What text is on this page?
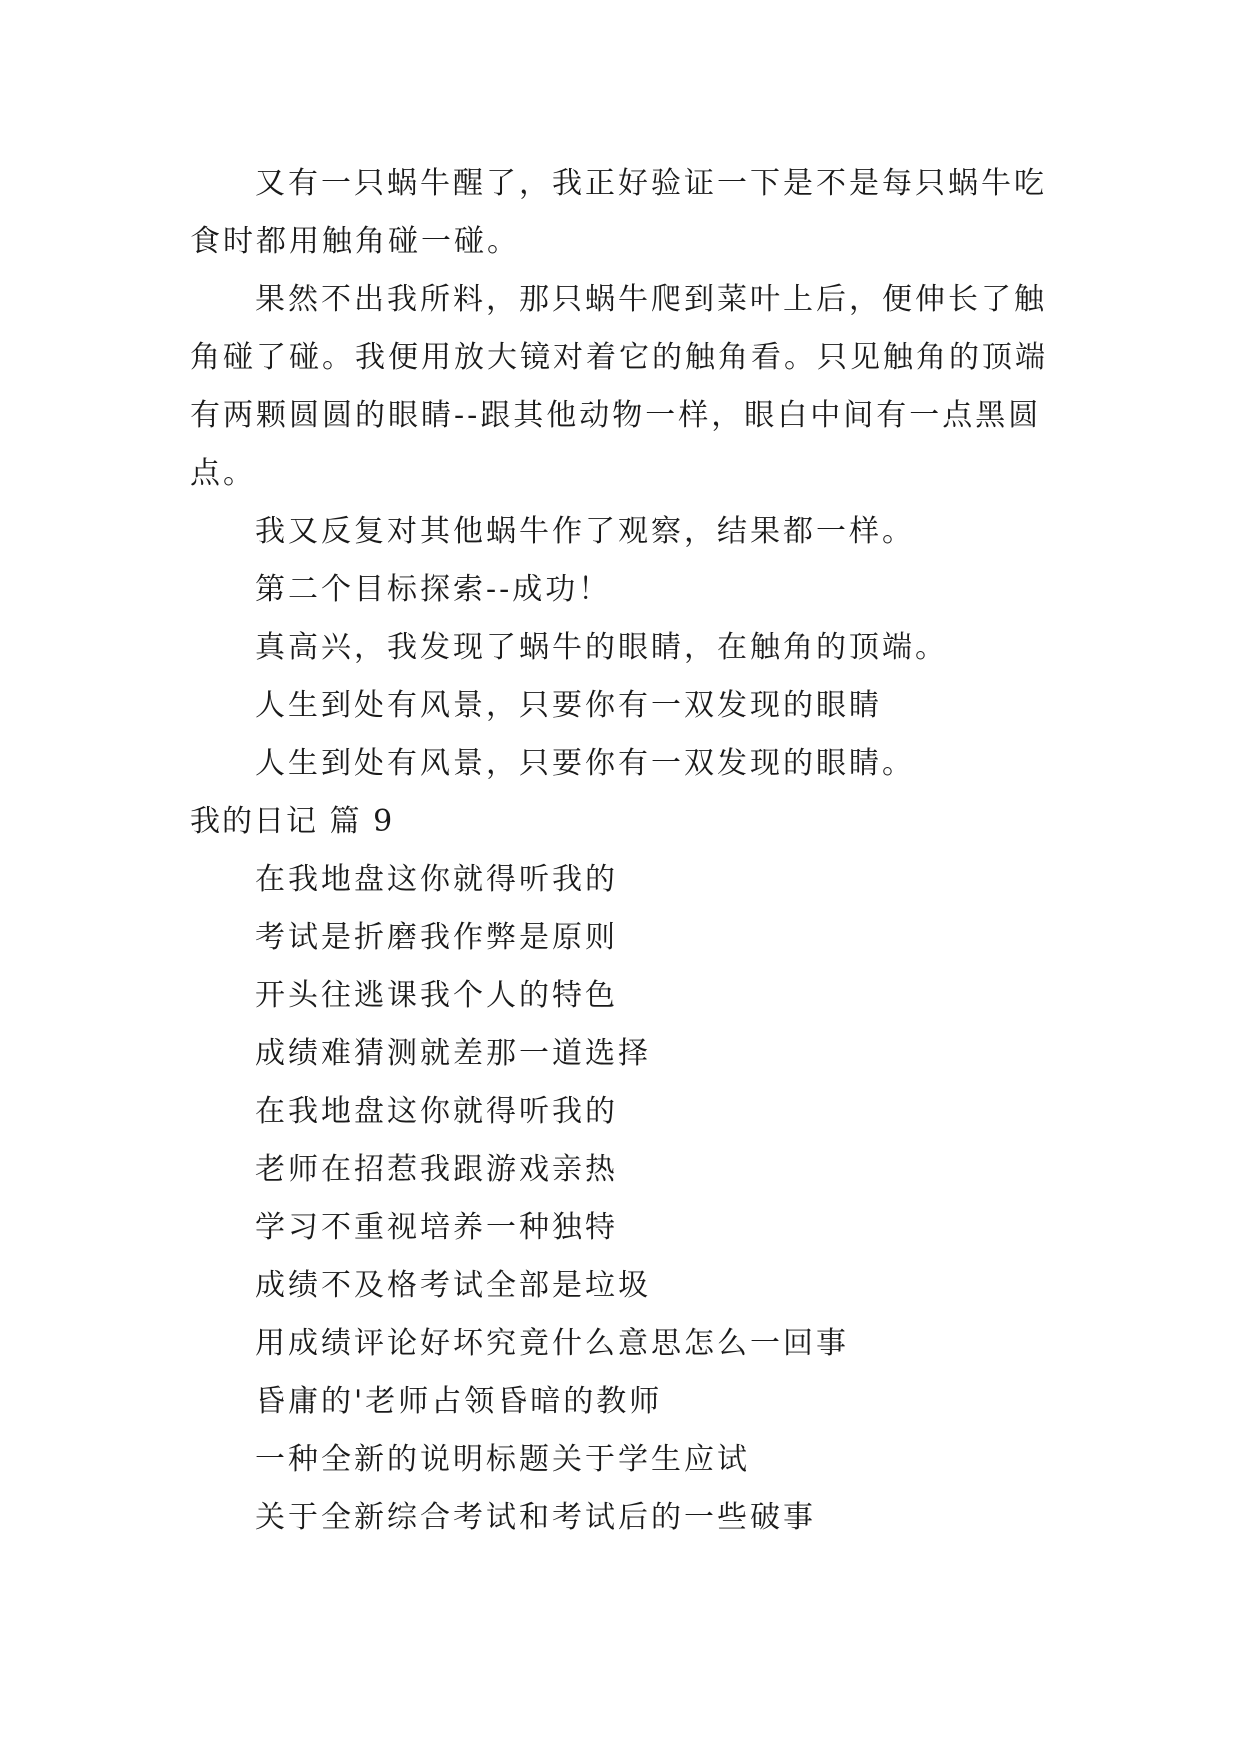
又有一只蜗牛醒了，我正好验证一下是不是每只蜗牛吃
食时都用触角碰一碰。
果然不出我所料，那只蜗牛爬到菜叶上后，便伸长了触
角碰了碰。我便用放大镜对着它的触角看。只见触角的顶端
有两颗圆圆的眼睛--跟其他动物一样，眼白中间有一点黑圆
点。
我又反复对其他蜗牛作了观察，结果都一样。
第二个目标探索--成功！
真高兴，我发现了蜗牛的眼睛，在触角的顶端。
人生到处有风景，只要你有一双发现的眼睛
人生到处有风景，只要你有一双发现的眼睛。
我的日记 篇 9
在我地盘这你就得听我的
考试是折磨我作弊是原则
开头往逃课我个人的特色
成绩难猜测就差那一道选择
在我地盘这你就得听我的
老师在招惹我跟游戏亲热
学习不重视培养一种独特
成绩不及格考试全部是垃圾
用成绩评论好坏究竟什么意思怎么一回事
昏庸的'老师占领昏暗的教师
一种全新的说明标题关于学生应试
关于全新综合考试和考试后的一些破事
